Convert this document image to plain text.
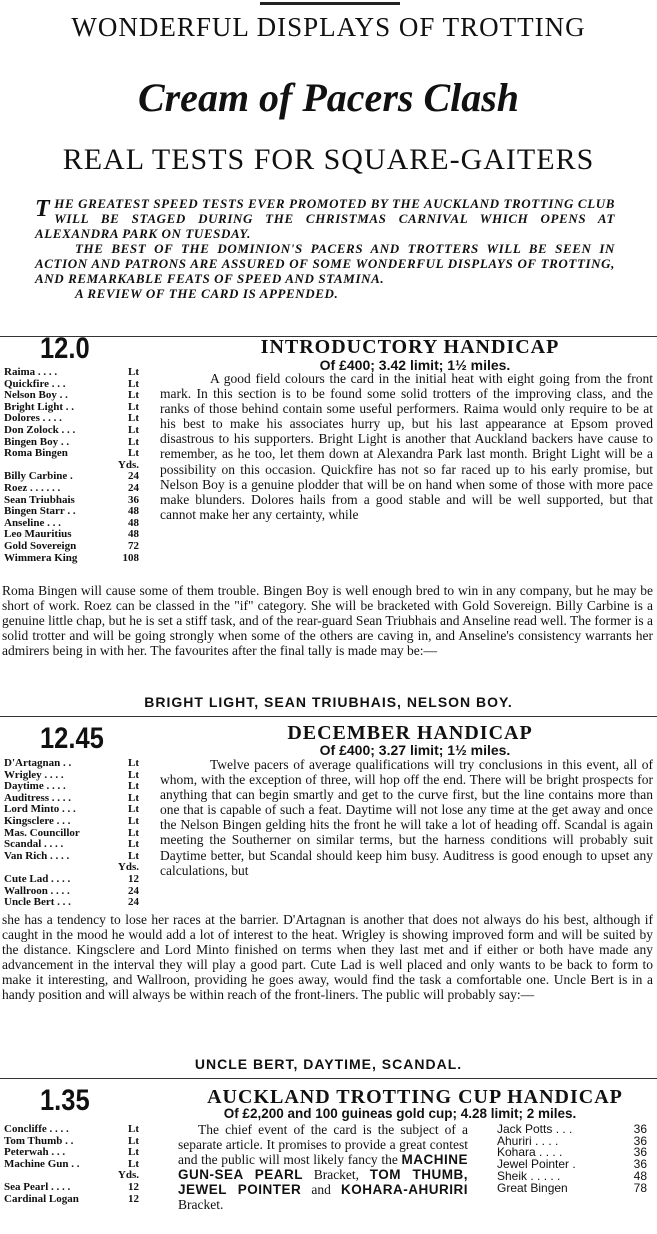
WONDERFUL DISPLAYS OF TROTTING
Cream of Pacers Clash
REAL TESTS FOR SQUARE-GAITERS

THE GREATEST SPEED TESTS EVER PROMOTED BY THE AUCKLAND TROTTING CLUB WILL BE STAGED DURING THE CHRISTMAS CARNIVAL WHICH OPENS AT ALEXANDRA PARK ON TUESDAY.

THE BEST OF THE DOMINION'S PACERS AND TROTTERS WILL BE SEEN IN ACTION AND PATRONS ARE ASSURED OF SOME WONDERFUL DISPLAYS OF TROTTING, AND REMARKABLE FEATS OF SPEED AND STAMINA.

A REVIEW OF THE CARD IS APPENDED.

12.0	INTRODUCTORY HANDICAP
Of £400; 3.42 limit; 1½ miles.
Raima . . . .	Lt
Quickfire . . .	Lt
Nelson Boy . .	Lt
Bright Light . .	Lt
Dolores . . . .	Lt
Don Zolock . . .	Lt
Bingen Boy . .	Lt
Roma Bingen	Lt
Yds.
Billy Carbine .	24
Roez . . . . . .	24
Sean Triubhais	36
Bingen Starr . .	48
Anseline . . .	48
Leo Mauritius	48
Gold Sovereign	72
Wimmera King	108

A good field colours the card in the initial heat with eight going from the front mark. In this section is to be found some solid trotters of the improving class, and the ranks of those behind contain some useful performers. Raima would only require to be at his best to make his associates hurry up, but his last appearance at Epsom proved disastrous to his supporters. Bright Light is another that Auckland backers have cause to remember, as he too, let them down at Alexandra Park last month. Bright Light will be a possibility on this occasion. Quickfire has not so far raced up to his early promise, but Nelson Boy is a genuine plodder that will be on hand when some of those with more pace make blunders. Dolores hails from a good stable and will be well supported, but that cannot make her any certainty, while

Roma Bingen will cause some of them trouble. Bingen Boy is well enough bred to win in any company, but he may be short of work. Roez can be classed in the "if" category. She will be bracketed with Gold Sovereign. Billy Carbine is a genuine little chap, but he is set a stiff task, and of the rear-guard Sean Triubhais and Anseline read well. The former is a solid trotter and will be going strongly when some of the others are caving in, and Anseline's consistency warrants her admirers being in with her. The favourites after the final tally is made may be:—

BRIGHT LIGHT, SEAN TRIUBHAIS, NELSON BOY.
12.45	DECEMBER HANDICAP
Of £400; 3.27 limit; 1½ miles.
D'Artagnan . .	Lt
Wrigley . . . .	Lt
Daytime . . . .	Lt
Auditress . . . .	Lt
Lord Minto . . .	Lt
Kingsclere . . .	Lt
Mas. Councillor	Lt
Scandal . . . .	Lt
Van Rich . . . .	Lt
Yds.
Cute Lad . . . .	12
Wallroon . . . .	24
Uncle Bert . . .	24

Twelve pacers of average qualifications will try conclusions in this event, all of whom, with the exception of three, will hop off the end. There will be bright prospects for anything that can begin smartly and get to the curve first, but the line contains more than one that is capable of such a feat. Daytime will not lose any time at the get away and once the Nelson Bingen gelding hits the front he will take a lot of heading off. Scandal is again meeting the Southerner on similar terms, but the harness conditions will probably suit Daytime better, but Scandal should keep him busy. Auditress is good enough to upset any calculations, but

she has a tendency to lose her races at the barrier. D'Artagnan is another that does not always do his best, although if caught in the mood he would add a lot of interest to the heat. Wrigley is showing improved form and will be suited by the distance. Kingsclere and Lord Minto finished on terms when they last met and if either or both have made any advancement in the interval they will play a good part. Cute Lad is well placed and only wants to be back to form to make it interesting, and Wallroon, providing he goes away, would find the task a comfortable one. Uncle Bert is in a handy position and will always be within reach of the front-liners. The public will probably say:—

UNCLE BERT, DAYTIME, SCANDAL.
1.35	AUCKLAND TROTTING CUP HANDICAP
Of £2,200 and 100 guineas gold cup; 4.28 limit; 2 miles.
Concliffe . . . .	Lt
Tom Thumb . .	Lt
Peterwah . . .	Lt
Machine Gun . .	Lt
Yds.
Sea Pearl . . . .	12
Cardinal Logan	12

The chief event of the card is the subject of a separate article. It promises to provide a great contest and the public will most likely fancy the MACHINE GUN-SEA PEARL Bracket, TOM THUMB, JEWEL POINTER and KOHARA-AHURIRI Bracket.

Jack Potts . . .	36
Ahuriri . . . .	36
Kohara . . . .	36
Jewel Pointer .	36
Sheik . . . . .	48
Great Bingen	78
